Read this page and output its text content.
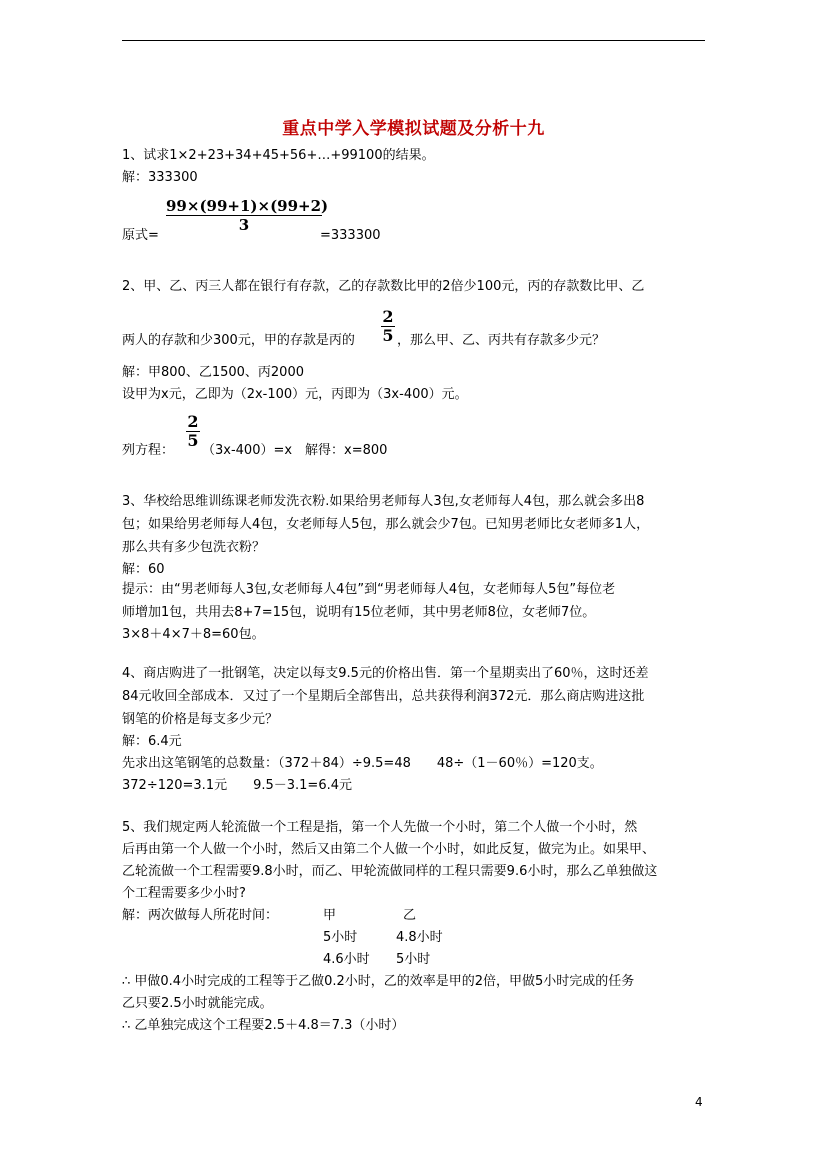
重点中学入学模拟试题及分析十九
1、试求1×2+23+34+45+56+…+99100的结果。
解：333300
99×(99+1)×(99+2)
3
原式=	=333300
2、甲、乙、丙三人都在银行有存款，乙的存款数比甲的2倍少100元，丙的存款数比甲、乙
两人的存款和少300元，甲的存款是丙的
2
5 ，那么甲、乙、丙共有存款多少元？
解：甲800、乙1500、丙2000
设甲为x元，乙即为（2x-100）元，丙即为（3x-400）元。
2
5
列方程： （3x-400）=x　解得：x=800
3、华校给思维训练课老师发洗衣粉.如果给男老师每人3包,女老师每人4包，那么就会多出8
包；如果给男老师每人4包，女老师每人5包，那么就会少7包。已知男老师比女老师多1人，
那么共有多少包洗衣粉？
解：60
提示：由“男老师每人3包,女老师每人4包”到“男老师每人4包，女老师每人5包”每位老
师增加1包，共用去8+7=15包，说明有15位老师，其中男老师8位，女老师7位。
3×8＋4×7＋8=60包。
4、商店购进了一批钢笔，决定以每支9.5元的价格出售．第一个星期卖出了60％，这时还差
84元收回全部成本．又过了一个星期后全部售出，总共获得利润372元．那么商店购进这批
钢笔的价格是每支多少元？
解：6.4元
先求出这笔钢笔的总数量：（372＋84）÷9.5=48　　48÷（1－60％）=120支。
372÷120=3.1元　　9.5－3.1=6.4元
5、我们规定两人轮流做一个工程是指，第一个人先做一个小时，第二个人做一个小时，然
后再由第一个人做一个小时，然后又由第二个人做一个小时，如此反复，做完为止。如果甲、
乙轮流做一个工程需要9.8小时，而乙、甲轮流做同样的工程只需要9.6小时，那么乙单独做这
个工程需要多少小时?
解：两次做每人所花时间：	甲	乙
5小时	4.8小时
4.6小时 5小时
∴ 甲做0.4小时完成的工程等于乙做0.2小时，乙的效率是甲的2倍，甲做5小时完成的任务
乙只要2.5小时就能完成。
∴ 乙单独完成这个工程要2.5＋4.8＝7.3（小时）
4
